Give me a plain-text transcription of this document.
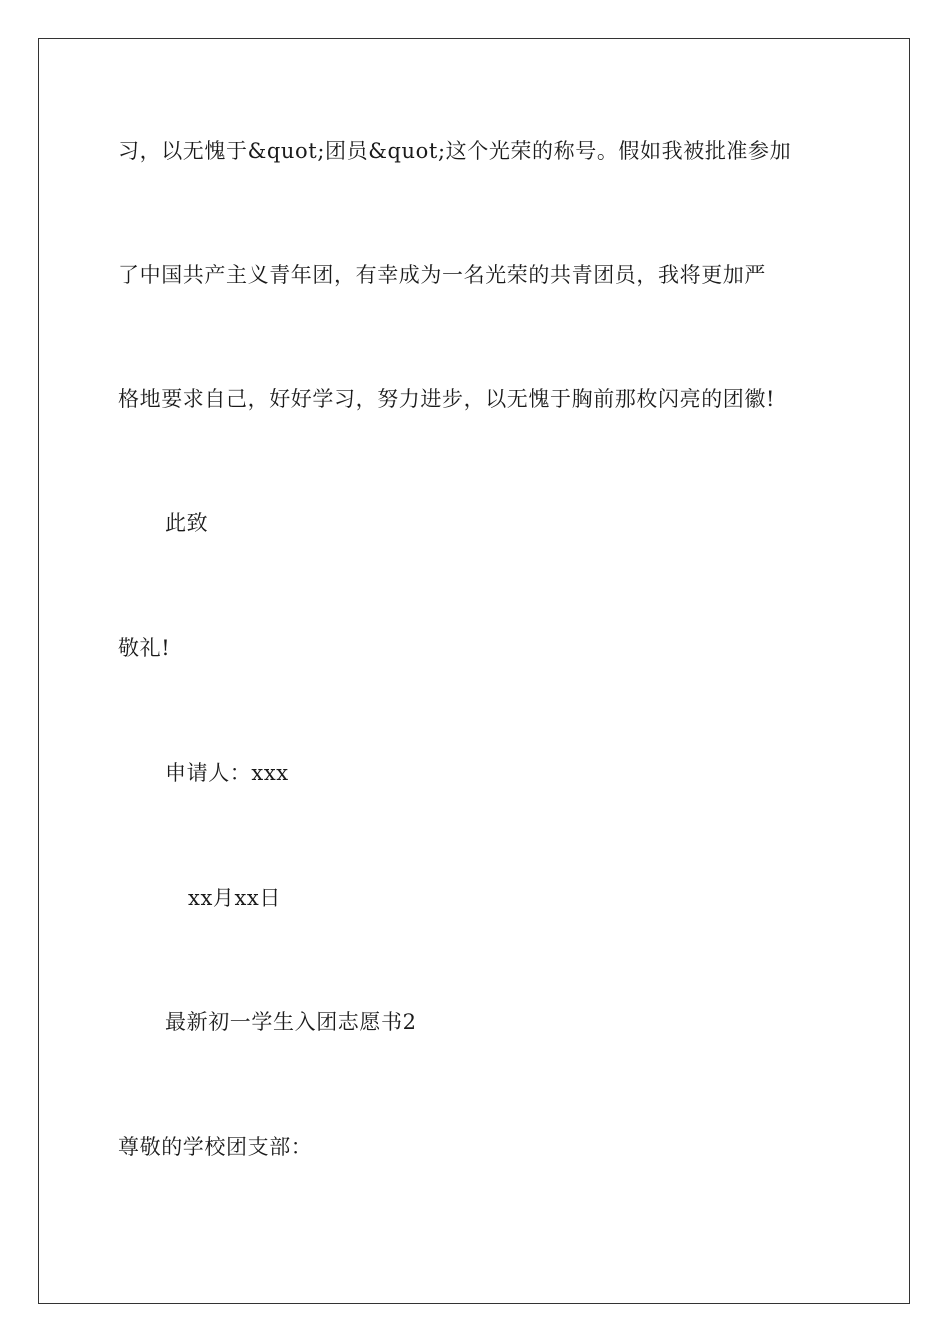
习，以无愧于&quot;团员&quot;这个光荣的称号。假如我被批准参加

了中国共产主义青年团，有幸成为一名光荣的共青团员，我将更加严

格地要求自己，好好学习，努力进步，以无愧于胸前那枚闪亮的团徽!

此致

敬礼!

申请人：xxx

xx月xx日

最新初一学生入团志愿书2

尊敬的学校团支部：
